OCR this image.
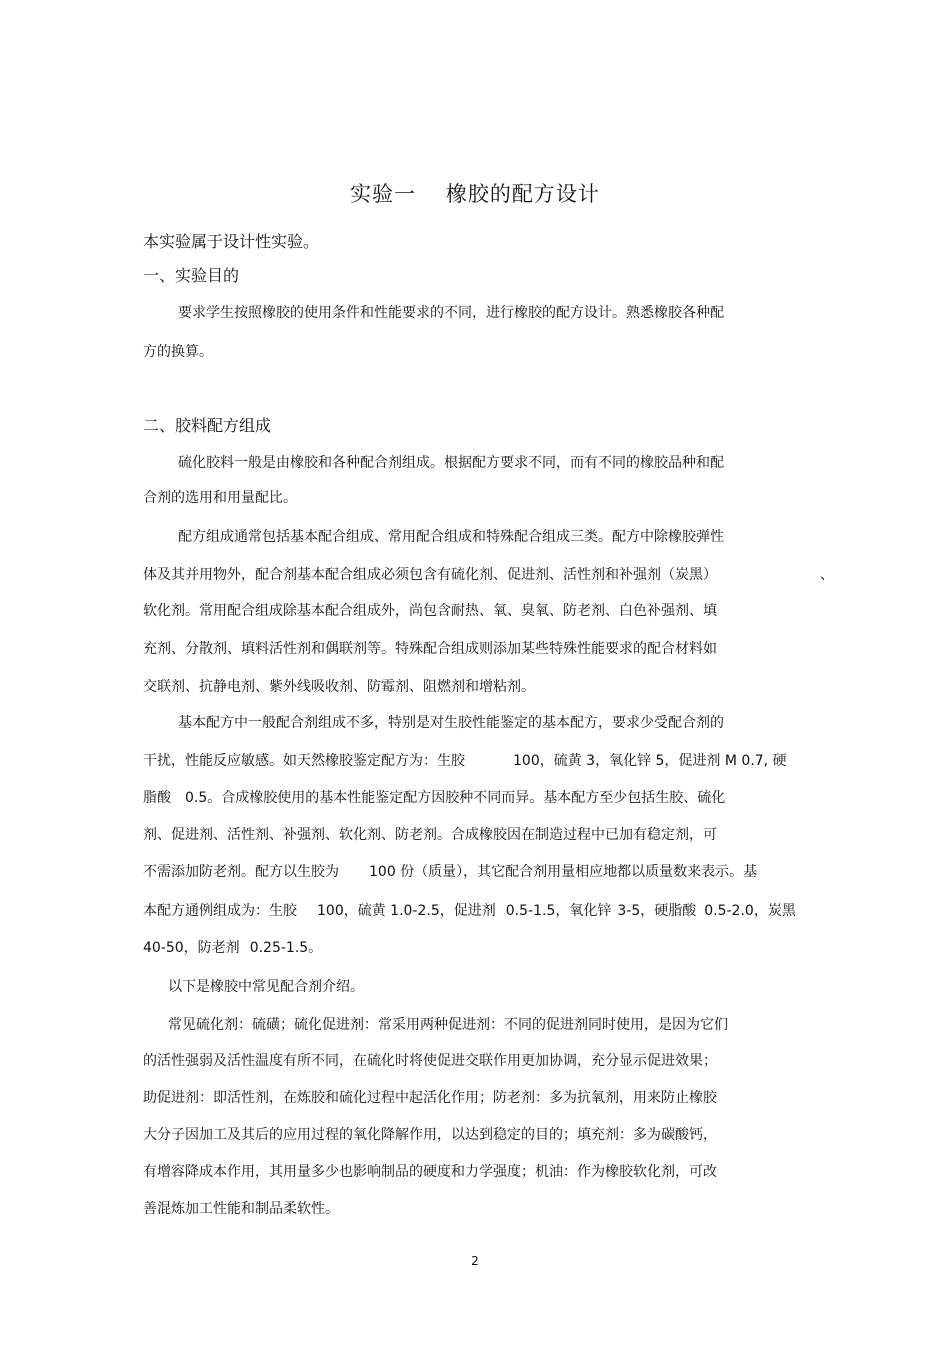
实验一　 橡胶的配方设计
本实验属于设计性实验。
一、实验目的
要求学生按照橡胶的使用条件和性能要求的不同，进行橡胶的配方设计。熟悉橡胶各种配
方的换算。
二、胶料配方组成
硫化胶料一般是由橡胶和各种配合剂组成。根据配方要求不同，而有不同的橡胶品种和配
合剂的选用和用量配比。
配方组成通常包括基本配合组成、常用配合组成和特殊配合组成三类。配方中除橡胶弹性
体及其并用物外，配合剂基本配合组成必须包含有硫化剂、促进剂、活性剂和补强剂（炭黑）	、
软化剂。常用配合组成除基本配合组成外，尚包含耐热、氧、臭氧、防老剂、白色补强剂、填
充剂、分散剂、填料活性剂和偶联剂等。特殊配合组成则添加某些特殊性能要求的配合材料如
交联剂、抗静电剂、紫外线吸收剂、防霉剂、阻燃剂和增粘剂。
基本配方中一般配合剂组成不多，特别是对生胶性能鉴定的基本配方，要求少受配合剂的
干扰，性能反应敏感。如天然橡胶鉴定配方为：生胶	100，硫黄 3，氧化锌 5，促进剂 M 0.7, 硬
脂酸 0.5。合成橡胶使用的基本性能鉴定配方因胶种不同而异。基本配方至少包括生胶、硫化
剂、促进剂、活性剂、补强剂、软化剂、防老剂。合成橡胶因在制造过程中已加有稳定剂，可
不需添加防老剂。配方以生胶为 100 份（质量），其它配合剂用量相应地都以质量数来表示。基
本配方通例组成为：生胶 100，硫黄 1.0-2.5，促进剂 0.5-1.5，氧化锌 3-5，硬脂酸 0.5-2.0，炭黑
40-50，防老剂 0.25-1.5。
以下是橡胶中常见配合剂介绍。
常见硫化剂：硫磺；硫化促进剂：常采用两种促进剂：不同的促进剂同时使用，是因为它们
的活性强弱及活性温度有所不同，在硫化时将使促进交联作用更加协调，充分显示促进效果；
助促进剂：即活性剂，在炼胶和硫化过程中起活化作用；防老剂：多为抗氧剂，用来防止橡胶
大分子因加工及其后的应用过程的氧化降解作用，以达到稳定的目的；填充剂：多为碳酸钙，
有增容降成本作用，其用量多少也影响制品的硬度和力学强度；机油：作为橡胶软化剂，可改
善混炼加工性能和制品柔软性。
2
